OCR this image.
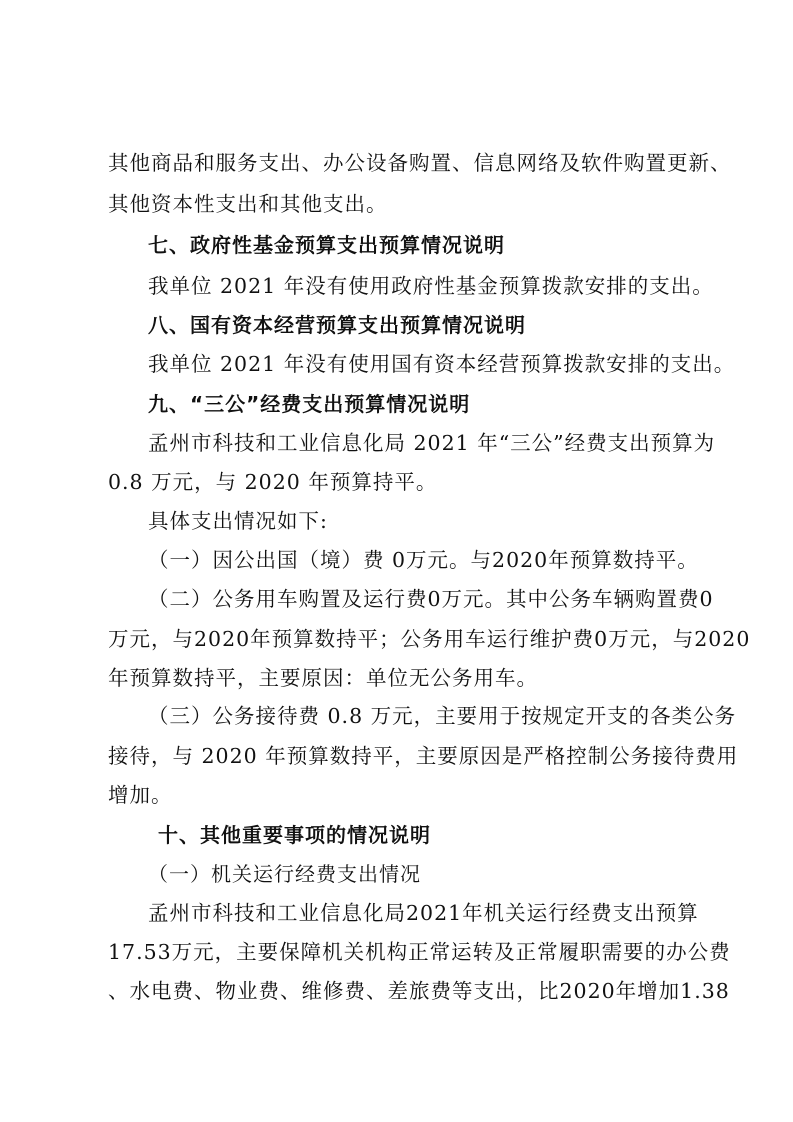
其他商品和服务支出、办公设备购置、信息网络及软件购置更新、
其他资本性支出和其他支出。
七、政府性基金预算支出预算情况说明
我单位 2021 年没有使用政府性基金预算拨款安排的支出。
八、国有资本经营预算支出预算情况说明
我单位 2021 年没有使用国有资本经营预算拨款安排的支出。
九、“三公”经费支出预算情况说明
孟州市科技和工业信息化局 2021 年“三公”经费支出预算为
0.8 万元，与 2020 年预算持平。
具体支出情况如下:
（一）因公出国（境）费 0万元。与2020年预算数持平。
（二）公务用车购置及运行费0万元。其中公务车辆购置费0
万元，与2020年预算数持平；公务用车运行维护费0万元，与2020
年预算数持平，主要原因：单位无公务用车。
（三）公务接待费 0.8 万元，主要用于按规定开支的各类公务
接待，与 2020 年预算数持平，主要原因是严格控制公务接待费用
增加。
十、其他重要事项的情况说明
（一）机关运行经费支出情况
孟州市科技和工业信息化局2021年机关运行经费支出预算
17.53万元，主要保障机关机构正常运转及正常履职需要的办公费
、水电费、物业费、维修费、差旅费等支出，比2020年增加1.38
